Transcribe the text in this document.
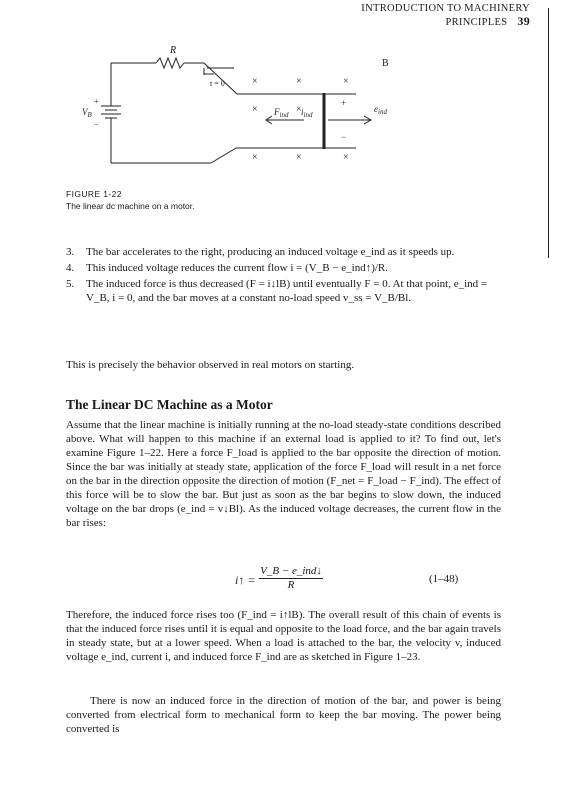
INTRODUCTION TO MACHINERY PRINCIPLES 39
×	×	×
×	×
×	×	×
R
t = 0
B
$V_B$	$F_{ind}$ $i_{ind}$
$e_{ind}$
+
−
+
−
FIGURE 1-22
The linear dc machine on a motor.
3. The bar accelerates to the right, producing an induced voltage e_ind as it speeds up.
4. This induced voltage reduces the current flow i = (V_B − e_ind↑)/R.
5. The induced force is thus decreased (F = i↓lB) until eventually F = 0. At that point, e_ind = V_B, i = 0, and the bar moves at a constant no-load speed v_ss = V_B/Bl.

This is precisely the behavior observed in real motors on starting.

The Linear DC Machine as a Motor

Assume that the linear machine is initially running at the no-load steady-state conditions described above. What will happen to this machine if an external load is applied to it? To find out, let's examine Figure 1–22. Here a force F_load is applied to the bar opposite the direction of motion. Since the bar was initially at steady state, application of the force F_load will result in a net force on the bar in the direction opposite the direction of motion (F_net = F_load − F_ind). The effect of this force will be to slow the bar. But just as soon as the bar begins to slow down, the induced voltage on the bar drops (e_ind = v↓Bl). As the induced voltage decreases, the current flow in the bar rises:

i↑ =
V_B − e_ind↓
R	(1–48)

Therefore, the induced force rises too (F_ind = i↑lB). The overall result of this chain of events is that the induced force rises until it is equal and opposite to the load force, and the bar again travels in steady state, but at a lower speed. When a load is attached to the bar, the velocity v, induced voltage e_ind, current i, and induced force F_ind are as sketched in Figure 1–23.

There is now an induced force in the direction of motion of the bar, and power is being converted from electrical form to mechanical form to keep the bar moving. The power being converted is
